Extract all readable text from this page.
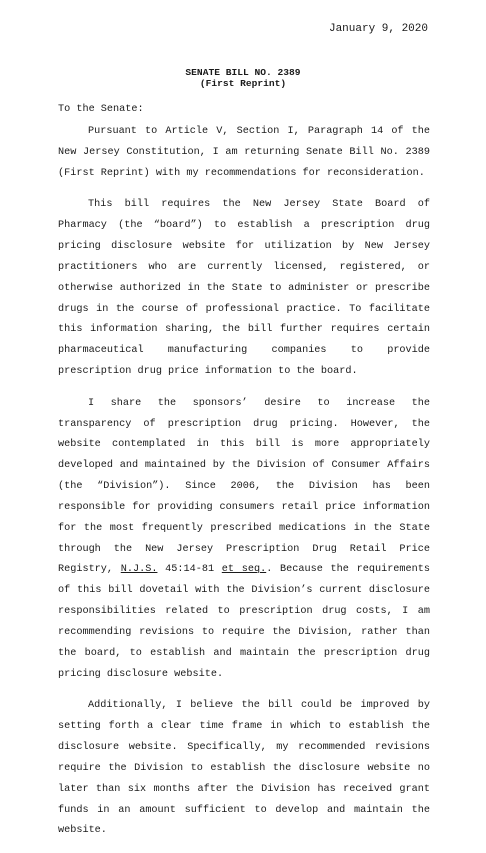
January 9, 2020
SENATE BILL NO. 2389
(First Reprint)
To the Senate:

Pursuant to Article V, Section I, Paragraph 14 of the New Jersey Constitution, I am returning Senate Bill No. 2389 (First Reprint) with my recommendations for reconsideration.

This bill requires the New Jersey State Board of Pharmacy (the “board”) to establish a prescription drug pricing disclosure website for utilization by New Jersey practitioners who are currently licensed, registered, or otherwise authorized in the State to administer or prescribe drugs in the course of professional practice. To facilitate this information sharing, the bill further requires certain pharmaceutical manufacturing companies to provide prescription drug price information to the board.

I share the sponsors’ desire to increase the transparency of prescription drug pricing. However, the website contemplated in this bill is more appropriately developed and maintained by the Division of Consumer Affairs (the “Division”). Since 2006, the Division has been responsible for providing consumers retail price information for the most frequently prescribed medications in the State through the New Jersey Prescription Drug Retail Price Registry, N.J.S. 45:14-81 et seq.. Because the requirements of this bill dovetail with the Division’s current disclosure responsibilities related to prescription drug costs, I am recommending revisions to require the Division, rather than the board, to establish and maintain the prescription drug pricing disclosure website.

Additionally, I believe the bill could be improved by setting forth a clear time frame in which to establish the disclosure website. Specifically, my recommended revisions require the Division to establish the disclosure website no later than six months after the Division has received grant funds in an amount sufficient to develop and maintain the website.
